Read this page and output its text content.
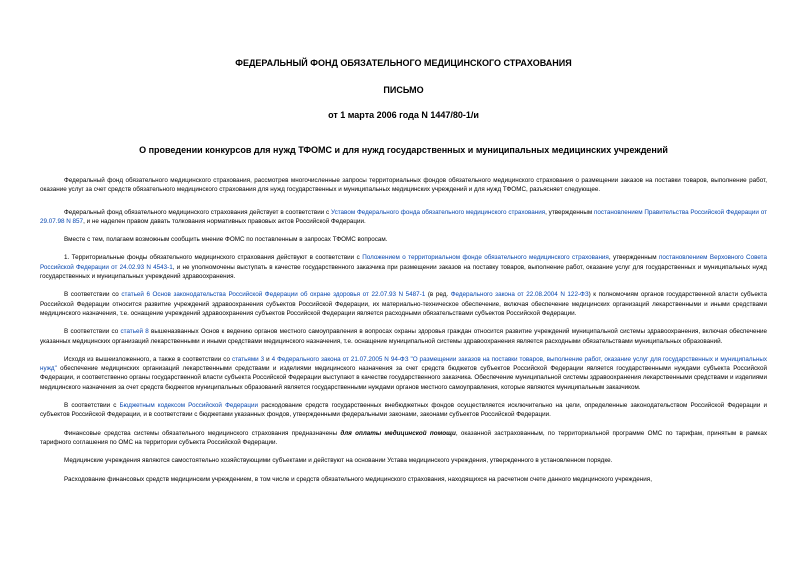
ФЕДЕРАЛЬНЫЙ ФОНД ОБЯЗАТЕЛЬНОГО МЕДИЦИНСКОГО СТРАХОВАНИЯ
ПИСЬМО
от 1 марта 2006 года N 1447/80-1/и
О проведении конкурсов для нужд ТФОМС и для нужд государственных и муниципальных медицинских учреждений

Федеральный фонд обязательного медицинского страхования, рассмотрев многочисленные запросы территориальных фондов обязательного медицинского страхования о размещении заказов на поставки товаров, выполнение работ, оказание услуг за счет средств обязательного медицинского страхования для нужд государственных и муниципальных медицинских учреждений и для нужд ТФОМС, разъясняет следующее.

Федеральный фонд обязательного медицинского страхования действует в соответствии с Уставом Федерального фонда обязательного медицинского страхования, утвержденным постановлением Правительства Российской Федерации от 29.07.98 N 857, и не наделен правом давать толкования нормативных правовых актов Российской Федерации.

Вместе с тем, полагаем возможным сообщить мнение ФОМС по поставленным в запросах ТФОМС вопросам.

1. Территориальные фонды обязательного медицинского страхования действуют в соответствии с Положением о территориальном фонде обязательного медицинского страхования, утвержденным постановлением Верховного Совета Российской Федерации от 24.02.93 N 4543-1, и не уполномочены выступать в качестве государственного заказчика при размещении заказов на поставку товаров, выполнение работ, оказание услуг для государственных и муниципальных нужд государственных и муниципальных учреждений здравоохранения.

В соответствии со статьей 6 Основ законодательства Российской Федерации об охране здоровья от 22.07.93 N 5487-1 (в ред. Федерального закона от 22.08.2004 N 122-ФЗ) к полномочиям органов государственной власти субъекта Российской Федерации относится развитие учреждений здравоохранения субъектов Российской Федерации, их материально-техническое обеспечение, включая обеспечение медицинских организаций лекарственными и иными средствами медицинского назначения, т.е. оснащение учреждений здравоохранения субъектов Российской Федерации является расходными обязательствами субъектов Российской Федерации.

В соответствии со статьей 8 вышеназванных Основ к ведению органов местного самоуправления в вопросах охраны здоровья граждан относится развитие учреждений муниципальной системы здравоохранения, включая обеспечение указанных медицинских организаций лекарственными и иными средствами медицинского назначения, т.е. оснащение муниципальной системы здравоохранения является расходными обязательствами муниципальных образований.

Исходя из вышеизложенного, а также в соответствии со статьями 3 и 4 Федерального закона от 21.07.2005 N 94-ФЗ "О размещении заказов на поставки товаров, выполнение работ, оказание услуг для государственных и муниципальных нужд" обеспечение медицинских организаций лекарственными средствами и изделиями медицинского назначения за счет средств бюджетов субъектов Российской Федерации является государственными нуждами субъекта Российской Федерации, и соответственно органы государственной власти субъекта Российской Федерации выступают в качестве государственного заказчика. Обеспечение муниципальной системы здравоохранения лекарственными средствами и изделиями медицинского назначения за счет средств бюджетов муниципальных образований является государственными нуждами органов местного самоуправления, которые являются муниципальным заказчиком.

В соответствии с Бюджетным кодексом Российской Федерации расходование средств государственных внебюджетных фондов осуществляется исключительно на цели, определенные законодательством Российской Федерации и субъектов Российской Федерации, и в соответствии с бюджетами указанных фондов, утвержденными федеральными законами, законами субъектов Российской Федерации.

Финансовые средства системы обязательного медицинского страхования предназначены для оплаты медицинской помощи, оказанной застрахованным, по территориальной программе ОМС по тарифам, принятым в рамках тарифного соглашения по ОМС на территории субъекта Российской Федерации.

Медицинские учреждения являются самостоятельно хозяйствующими субъектами и действуют на основании Устава медицинского учреждения, утвержденного в установленном порядке.

Расходование финансовых средств медицинским учреждением, в том числе и средств обязательного медицинского страхования, находящихся на расчетном счете данного медицинского учреждения,
